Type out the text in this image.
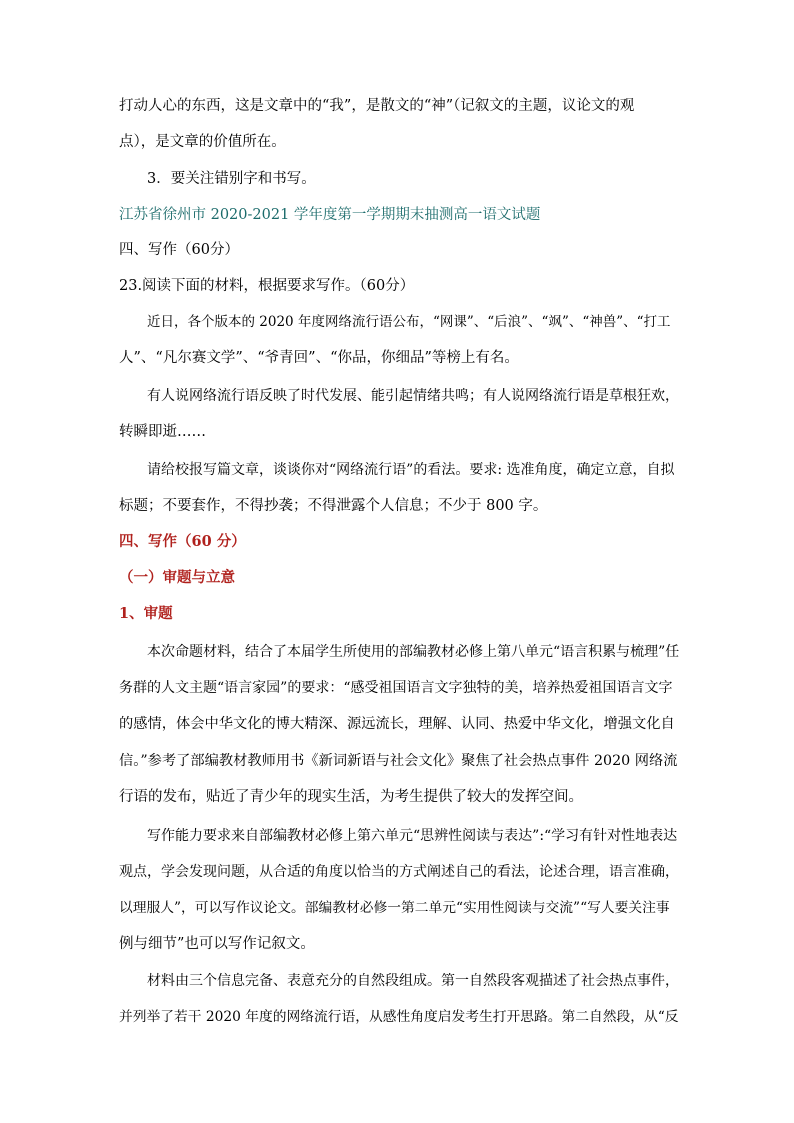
打动人心的东西，这是文章中的“我”，是散文的“神”（记叙文的主题，议论文的观

点），是文章的价值所在。

3．要关注错别字和书写。

江苏省徐州市 2020-2021 学年度第一学期期末抽测高一语文试题

四、写作（60分）

23.阅读下面的材料，根据要求写作。（60分）

近日，各个版本的 2020 年度网络流行语公布，“网课”、“后浪”、“飒”、“神兽”、“打工

人”、“凡尔赛文学”、“爷青回”、“你品，你细品”等榜上有名。

有人说网络流行语反映了时代发展、能引起情绪共鸣；有人说网络流行语是草根狂欢，

转瞬即逝……

请给校报写篇文章，谈谈你对“网络流行语”的看法。要求: 选准角度，确定立意，自拟

标题；不要套作，不得抄袭；不得泄露个人信息；不少于 800 字。

四、写作（60 分）

（一）审题与立意

1、审题

本次命题材料，结合了本届学生所使用的部编教材必修上第八单元“语言积累与梳理”任

务群的人文主题“语言家园”的要求：“感受祖国语言文字独特的美，培养热爱祖国语言文字

的感情，体会中华文化的博大精深、源远流长，理解、认同、热爱中华文化，增强文化自

信。”参考了部编教材教师用书《新词新语与社会文化》聚焦了社会热点事件 2020 网络流

行语的发布，贴近了青少年的现实生活，为考生提供了较大的发挥空间。

写作能力要求来自部编教材必修上第六单元“思辨性阅读与表达”:“学习有针对性地表达

观点，学会发现问题，从合适的角度以恰当的方式阐述自己的看法，论述合理，语言准确，

以理服人”，可以写作议论文。部编教材必修一第二单元“实用性阅读与交流”“写人要关注事

例与细节”也可以写作记叙文。

材料由三个信息完备、表意充分的自然段组成。第一自然段客观描述了社会热点事件，

并列举了若干 2020 年度的网络流行语，从感性角度启发考生打开思路。第二自然段，从“反
